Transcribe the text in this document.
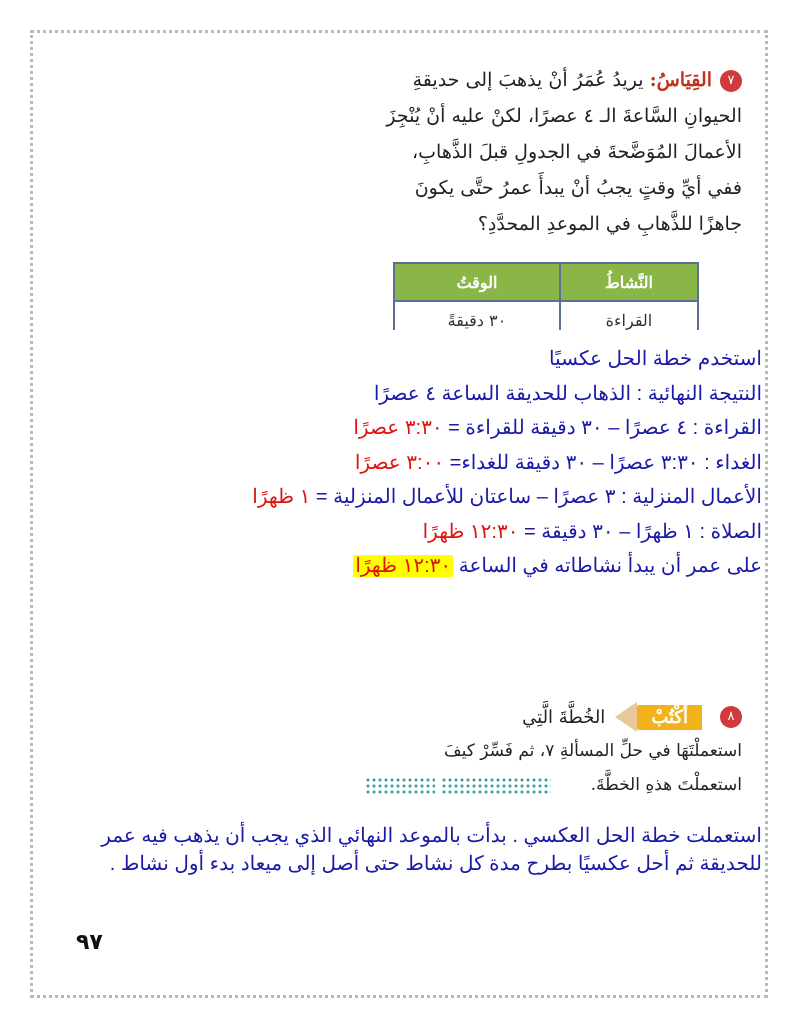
٧القِيَاسُ: يريدُ عُمَرُ أنْ يذهبَ إلى حديقةِ
الحيوانِ السَّاعةَ الـ ٤ عصرًا، لكنْ عليه أنْ يُنْجِزَ
الأعمالَ المُوَضَّحةَ في الجدولِ قبلَ الذَّهابِ،
ففي أيِّ وقتٍ يجبُ أنْ يبدأَ عمرُ حتَّى يكونَ
جاهزًا للذَّهابِ في الموعدِ المحدَّدِ؟
النَّشاطُ	الوقتُ
القراءة	٣٠ دقيقةً
استخدم خطة الحل عكسيًا
النتيجة النهائية : الذهاب للحديقة الساعة ٤ عصرًا
القراءة : ٤ عصرًا – ٣٠ دقيقة للقراءة = ٣:٣٠ عصرًا
الغداء : ٣:٣٠ عصرًا – ٣٠ دقيقة للغداء= ٣:٠٠ عصرًا
الأعمال المنزلية : ٣ عصرًا – ساعتان للأعمال المنزلية = ١ ظهرًا
الصلاة : ١ ظهرًا – ٣٠ دقيقة = ١٢:٣٠ ظهرًا
على عمر أن يبدأ نشاطاته في الساعة ١٢:٣٠ ظهرًا
٨
أكْتُبْ
الخُطَّةَ الَّتِي
استعملْتَهَا في حلِّ المسألةِ ٧، ثم فَسِّرْ كيفَ
استعملْتَ هذهِ الخطَّةَ.
استعملت خطة الحل العكسي . بدأت بالموعد النهائي الذي يجب أن يذهب فيه عمر
للحديقة ثم أحل عكسيًا بطرح مدة كل نشاط حتى أصل إلى ميعاد بدء أول نشاط .
٩٧
